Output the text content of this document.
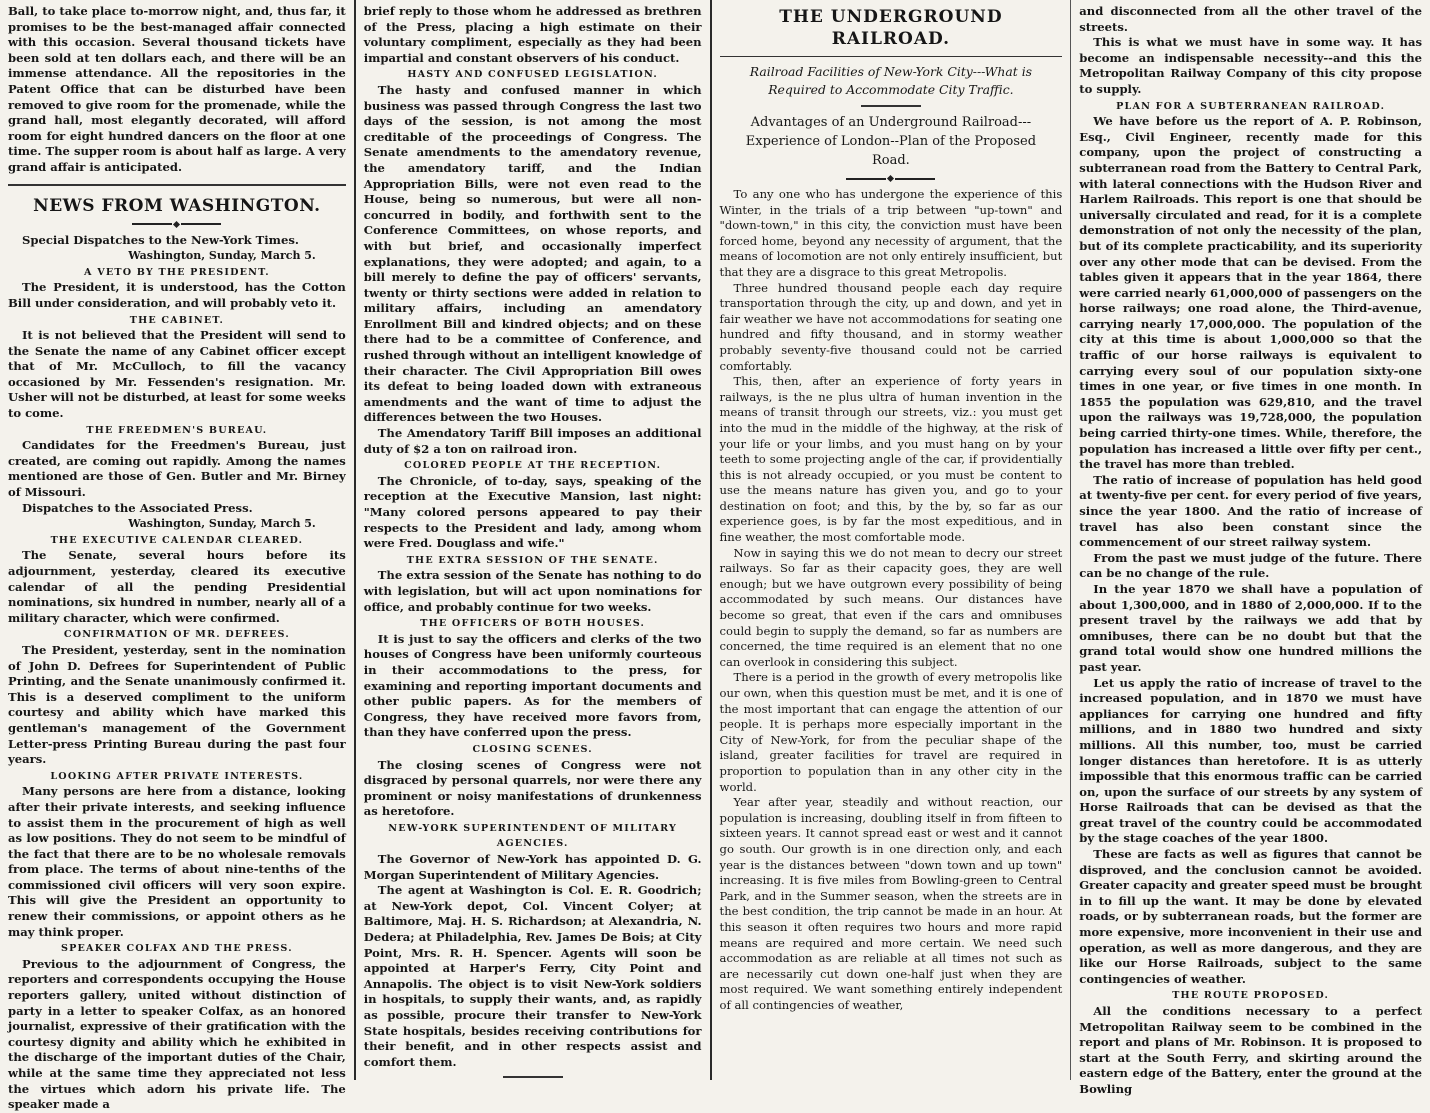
Ball, to take place to-morrow night, and, thus far, it promises to be the best-managed affair connected with this occasion. Several thousand tickets have been sold at ten dollars each, and there will be an immense attendance. All the repositories in the Patent Office that can be disturbed have been removed to give room for the promenade, while the grand hall, most elegantly decorated, will afford room for eight hundred dancers on the floor at one time. The supper room is about half as large. A very grand affair is anticipated.

NEWS FROM WASHINGTON.

Special Dispatches to the New-York Times.

Washington, Sunday, March 5.

A VETO BY THE PRESIDENT.

The President, it is understood, has the Cotton Bill under consideration, and will probably veto it.

THE CABINET.

It is not believed that the President will send to the Senate the name of any Cabinet officer except that of Mr. McCulloch, to fill the vacancy occasioned by Mr. Fessenden's resignation. Mr. Usher will not be disturbed, at least for some weeks to come.

THE FREEDMEN'S BUREAU.

Candidates for the Freedmen's Bureau, just created, are coming out rapidly. Among the names mentioned are those of Gen. Butler and Mr. Birney of Missouri.

Dispatches to the Associated Press.

Washington, Sunday, March 5.

THE EXECUTIVE CALENDAR CLEARED.

The Senate, several hours before its adjournment, yesterday, cleared its executive calendar of all the pending Presidential nominations, six hundred in number, nearly all of a military character, which were confirmed.

CONFIRMATION OF MR. DEFREES.

The President, yesterday, sent in the nomination of John D. Defrees for Superintendent of Public Printing, and the Senate unanimously confirmed it. This is a deserved compliment to the uniform courtesy and ability which have marked this gentleman's management of the Government Letter-press Printing Bureau during the past four years.

LOOKING AFTER PRIVATE INTERESTS.

Many persons are here from a distance, looking after their private interests, and seeking influence to assist them in the procurement of high as well as low positions. They do not seem to be mindful of the fact that there are to be no wholesale removals from place. The terms of about nine-tenths of the commissioned civil officers will very soon expire. This will give the President an opportunity to renew their commissions, or appoint others as he may think proper.

SPEAKER COLFAX AND THE PRESS.

Previous to the adjournment of Congress, the reporters and correspondents occupying the House reporters gallery, united without distinction of party in a letter to speaker Colfax, as an honored journalist, expressive of their gratification with the courtesy dignity and ability which he exhibited in the discharge of the important duties of the Chair, while at the same time they appreciated not less the virtues which adorn his private life. The speaker made a

brief reply to those whom he addressed as brethren of the Press, placing a high estimate on their voluntary compliment, especially as they had been impartial and constant observers of his conduct.

HASTY AND CONFUSED LEGISLATION.

The hasty and confused manner in which business was passed through Congress the last two days of the session, is not among the most creditable of the proceedings of Congress. The Senate amendments to the amendatory revenue, the amendatory tariff, and the Indian Appropriation Bills, were not even read to the House, being so numerous, but were all non-concurred in bodily, and forthwith sent to the Conference Committees, on whose reports, and with but brief, and occasionally imperfect explanations, they were adopted; and again, to a bill merely to define the pay of officers' servants, twenty or thirty sections were added in relation to military affairs, including an amendatory Enrollment Bill and kindred objects; and on these there had to be a committee of Conference, and rushed through without an intelligent knowledge of their character. The Civil Appropriation Bill owes its defeat to being loaded down with extraneous amendments and the want of time to adjust the differences between the two Houses.

The Amendatory Tariff Bill imposes an additional duty of $2 a ton on railroad iron.

COLORED PEOPLE AT THE RECEPTION.

The Chronicle, of to-day, says, speaking of the reception at the Executive Mansion, last night: "Many colored persons appeared to pay their respects to the President and lady, among whom were Fred. Douglass and wife."

THE EXTRA SESSION OF THE SENATE.

The extra session of the Senate has nothing to do with legislation, but will act upon nominations for office, and probably continue for two weeks.

THE OFFICERS OF BOTH HOUSES.

It is just to say the officers and clerks of the two houses of Congress have been uniformly courteous in their accommodations to the press, for examining and reporting important documents and other public papers. As for the members of Congress, they have received more favors from, than they have conferred upon the press.

CLOSING SCENES.

The closing scenes of Congress were not disgraced by personal quarrels, nor were there any prominent or noisy manifestations of drunkenness as heretofore.

NEW-YORK SUPERINTENDENT OF MILITARY AGENCIES.

The Governor of New-York has appointed D. G. Morgan Superintendent of Military Agencies.

The agent at Washington is Col. E. R. Goodrich; at New-York depot, Col. Vincent Colyer; at Baltimore, Maj. H. S. Richardson; at Alexandria, N. Dedera; at Philadelphia, Rev. James De Bois; at City Point, Mrs. R. H. Spencer. Agents will soon be appointed at Harper's Ferry, City Point and Annapolis. The object is to visit New-York soldiers in hospitals, to supply their wants, and, as rapidly as possible, procure their transfer to New-York State hospitals, besides receiving contributions for their benefit, and in other respects assist and comfort them.

THE UNDERGROUND RAILROAD.
Railroad Facilities of New-York City---What is Required to Accommodate City Traffic.
Advantages of an Underground Railroad---Experience of London--Plan of the Proposed Road.

To any one who has undergone the experience of this Winter, in the trials of a trip between "up-town" and "down-town," in this city, the conviction must have been forced home, beyond any necessity of argument, that the means of locomotion are not only entirely insufficient, but that they are a disgrace to this great Metropolis.

Three hundred thousand people each day require transportation through the city, up and down, and yet in fair weather we have not accommodations for seating one hundred and fifty thousand, and in stormy weather probably seventy-five thousand could not be carried comfortably.

This, then, after an experience of forty years in railways, is the ne plus ultra of human invention in the means of transit through our streets, viz.: you must get into the mud in the middle of the highway, at the risk of your life or your limbs, and you must hang on by your teeth to some projecting angle of the car, if providentially this is not already occupied, or you must be content to use the means nature has given you, and go to your destination on foot; and this, by the by, so far as our experience goes, is by far the most expeditious, and in fine weather, the most comfortable mode.

Now in saying this we do not mean to decry our street railways. So far as their capacity goes, they are well enough; but we have outgrown every possibility of being accommodated by such means. Our distances have become so great, that even if the cars and omnibuses could begin to supply the demand, so far as numbers are concerned, the time required is an element that no one can overlook in considering this subject.

There is a period in the growth of every metropolis like our own, when this question must be met, and it is one of the most important that can engage the attention of our people. It is perhaps more especially important in the City of New-York, for from the peculiar shape of the island, greater facilities for travel are required in proportion to population than in any other city in the world.

Year after year, steadily and without reaction, our population is increasing, doubling itself in from fifteen to sixteen years. It cannot spread east or west and it cannot go south. Our growth is in one direction only, and each year is the distances between "down town and up town" increasing. It is five miles from Bowling-green to Central Park, and in the Summer season, when the streets are in the best condition, the trip cannot be made in an hour. At this season it often requires two hours and more rapid means are required and more certain. We need such accommodation as are reliable at all times not such as are necessarily cut down one-half just when they are most required. We want something entirely independent of all contingencies of weather,

and disconnected from all the other travel of the streets.

This is what we must have in some way. It has become an indispensable necessity--and this the Metropolitan Railway Company of this city propose to supply.

PLAN FOR A SUBTERRANEAN RAILROAD.

We have before us the report of A. P. Robinson, Esq., Civil Engineer, recently made for this company, upon the project of constructing a subterranean road from the Battery to Central Park, with lateral connections with the Hudson River and Harlem Railroads. This report is one that should be universally circulated and read, for it is a complete demonstration of not only the necessity of the plan, but of its complete practicability, and its superiority over any other mode that can be devised. From the tables given it appears that in the year 1864, there were carried nearly 61,000,000 of passengers on the horse railways; one road alone, the Third-avenue, carrying nearly 17,000,000. The population of the city at this time is about 1,000,000 so that the traffic of our horse railways is equivalent to carrying every soul of our population sixty-one times in one year, or five times in one month. In 1855 the population was 629,810, and the travel upon the railways was 19,728,000, the population being carried thirty-one times. While, therefore, the population has increased a little over fifty per cent., the travel has more than trebled.

The ratio of increase of population has held good at twenty-five per cent. for every period of five years, since the year 1800. And the ratio of increase of travel has also been constant since the commencement of our street railway system.

From the past we must judge of the future. There can be no change of the rule.

In the year 1870 we shall have a population of about 1,300,000, and in 1880 of 2,000,000. If to the present travel by the railways we add that by omnibuses, there can be no doubt but that the grand total would show one hundred millions the past year.

Let us apply the ratio of increase of travel to the increased population, and in 1870 we must have appliances for carrying one hundred and fifty millions, and in 1880 two hundred and sixty millions. All this number, too, must be carried longer distances than heretofore. It is as utterly impossible that this enormous traffic can be carried on, upon the surface of our streets by any system of Horse Railroads that can be devised as that the great travel of the country could be accommodated by the stage coaches of the year 1800.

These are facts as well as figures that cannot be disproved, and the conclusion cannot be avoided. Greater capacity and greater speed must be brought in to fill up the want. It may be done by elevated roads, or by subterranean roads, but the former are more expensive, more inconvenient in their use and operation, as well as more dangerous, and they are like our Horse Railroads, subject to the same contingencies of weather.

THE ROUTE PROPOSED.

All the conditions necessary to a perfect Metropolitan Railway seem to be combined in the report and plans of Mr. Robinson. It is proposed to start at the South Ferry, and skirting around the eastern edge of the Battery, enter the ground at the Bowling
